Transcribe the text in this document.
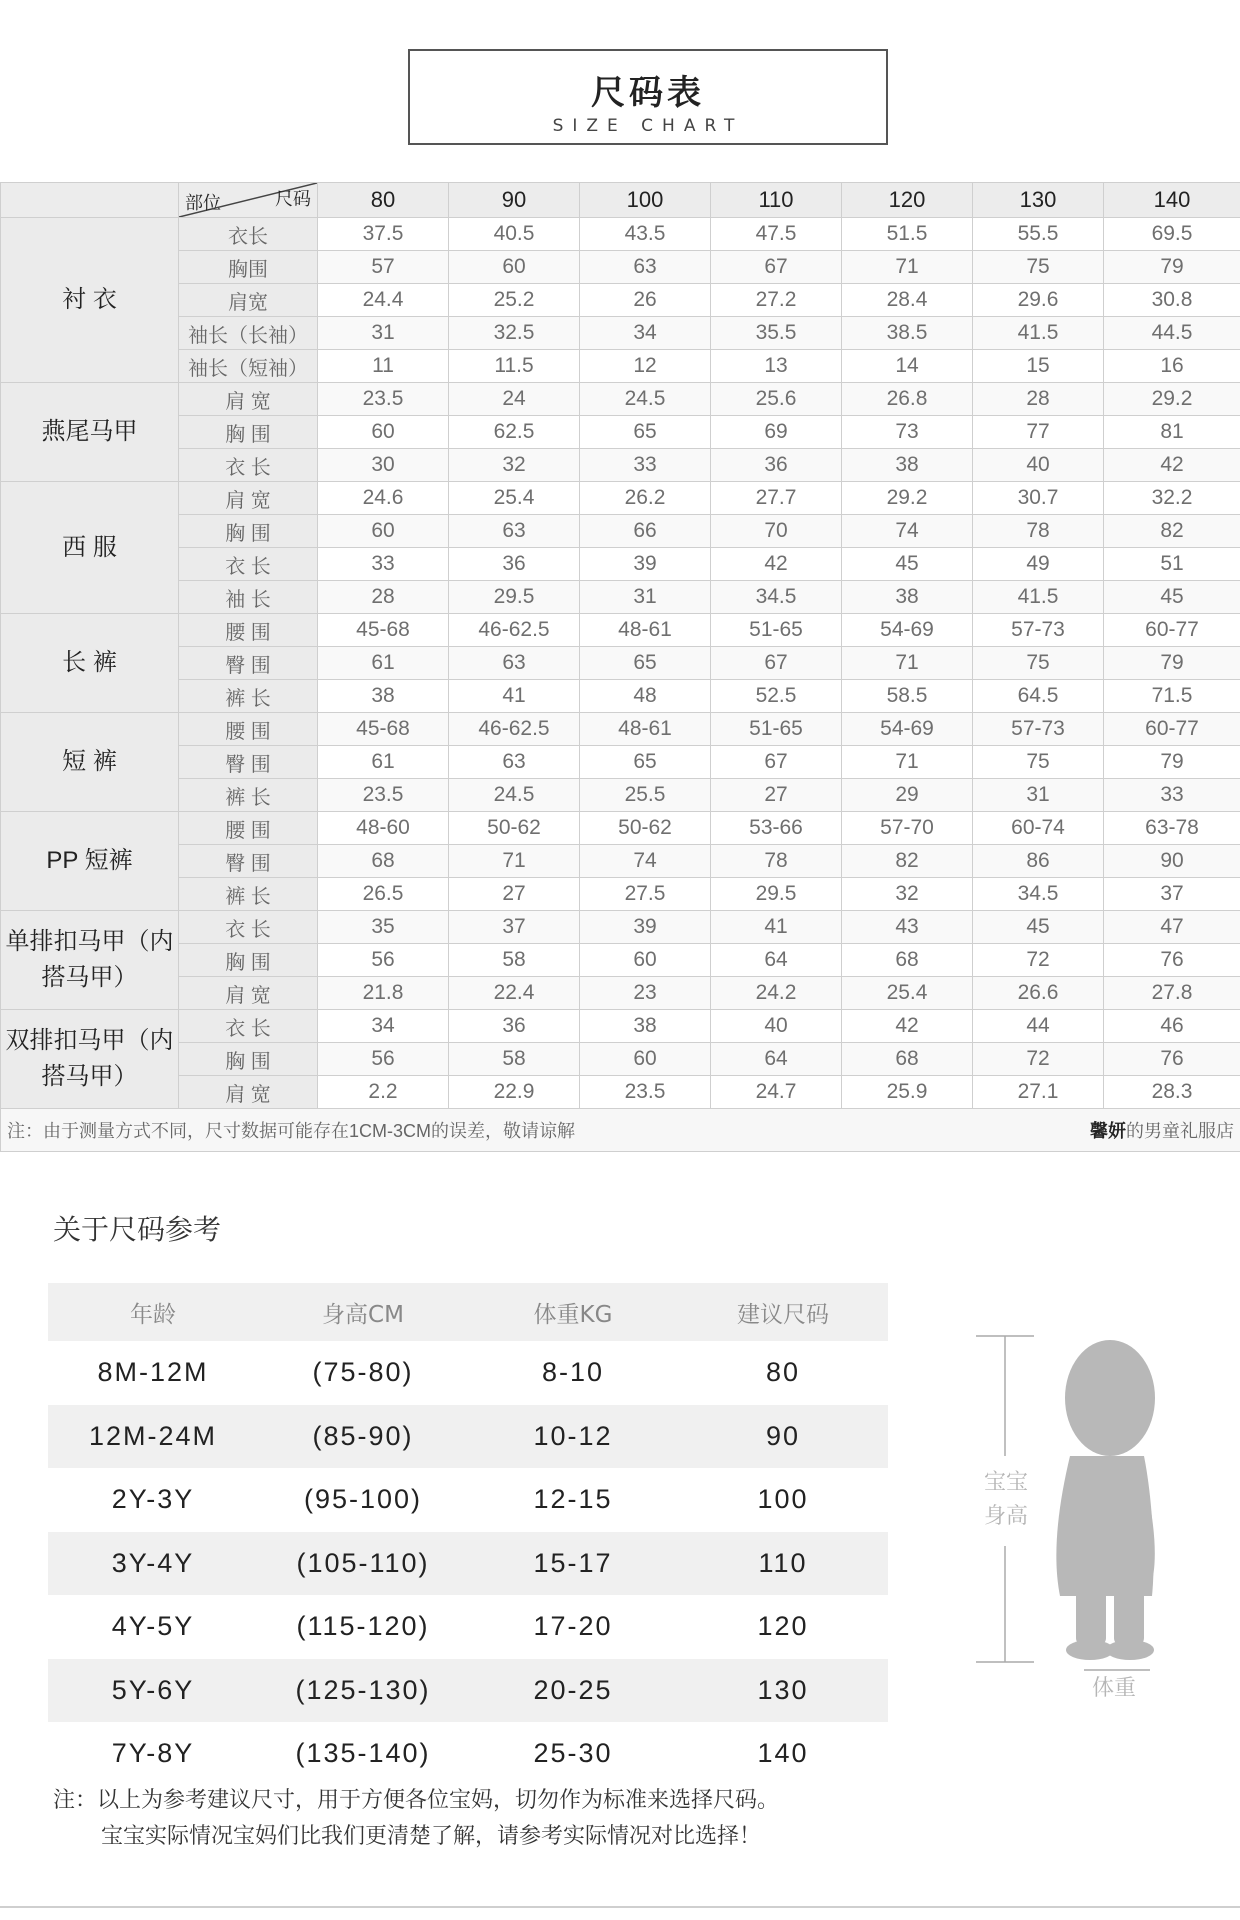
尺码表
SIZE CHART

	部位 尺码	80	90	100	110	120	130	140
衬 衣	衣长	37.5	40.5	43.5	47.5	51.5	55.5	69.5
	胸围	57	60	63	67	71	75	79
	肩宽	24.4	25.2	26	27.2	28.4	29.6	30.8
	袖长（长袖）	31	32.5	34	35.5	38.5	41.5	44.5
	袖长（短袖）	11	11.5	12	13	14	15	16
燕尾马甲	肩 宽	23.5	24	24.5	25.6	26.8	28	29.2
	胸 围	60	62.5	65	69	73	77	81
	衣 长	30	32	33	36	38	40	42
西 服	肩 宽	24.6	25.4	26.2	27.7	29.2	30.7	32.2
	胸 围	60	63	66	70	74	78	82
	衣 长	33	36	39	42	45	49	51
	袖 长	28	29.5	31	34.5	38	41.5	45
长 裤	腰 围	45-68	46-62.5	48-61	51-65	54-69	57-73	60-77
	臀 围	61	63	65	67	71	75	79
	裤 长	38	41	48	52.5	58.5	64.5	71.5
短 裤	腰 围	45-68	46-62.5	48-61	51-65	54-69	57-73	60-77
	臀 围	61	63	65	67	71	75	79
	裤 长	23.5	24.5	25.5	27	29	31	33
PP 短裤	腰 围	48-60	50-62	50-62	53-66	57-70	60-74	63-78
	臀 围	68	71	74	78	82	86	90
	裤 长	26.5	27	27.5	29.5	32	34.5	37
单排扣马甲（内搭马甲）	衣 长	35	37	39	41	43	45	47
	胸 围	56	58	60	64	68	72	76
	肩 宽	21.8	22.4	23	24.2	25.4	26.6	27.8
双排扣马甲（内搭马甲）	衣 长	34	36	38	40	42	44	46
	胸 围	56	58	60	64	68	72	76
	肩 宽	2.2	22.9	23.5	24.7	25.9	27.1	28.3

注：由于测量方式不同，尺寸数据可能存在1CM-3CM的误差，敬请谅解 馨妍的男童礼服店								
关于尺码参考
年龄	身高CM	体重KG	建议尺码
8M-12M	(75-80)	8-10	80
12M-24M	(85-90)	10-12	90
2Y-3Y	(95-100)	12-15	100
3Y-4Y	(105-110)	15-17	110
4Y-5Y	(115-120)	17-20	120
5Y-6Y	(125-130)	20-25	130
7Y-8Y	(135-140)	25-30	140
宝宝
身高
体重
注：以上为参考建议尺寸，用于方便各位宝妈，切勿作为标准来选择尺码。
宝宝实际情况宝妈们比我们更清楚了解，请参考实际情况对比选择！
